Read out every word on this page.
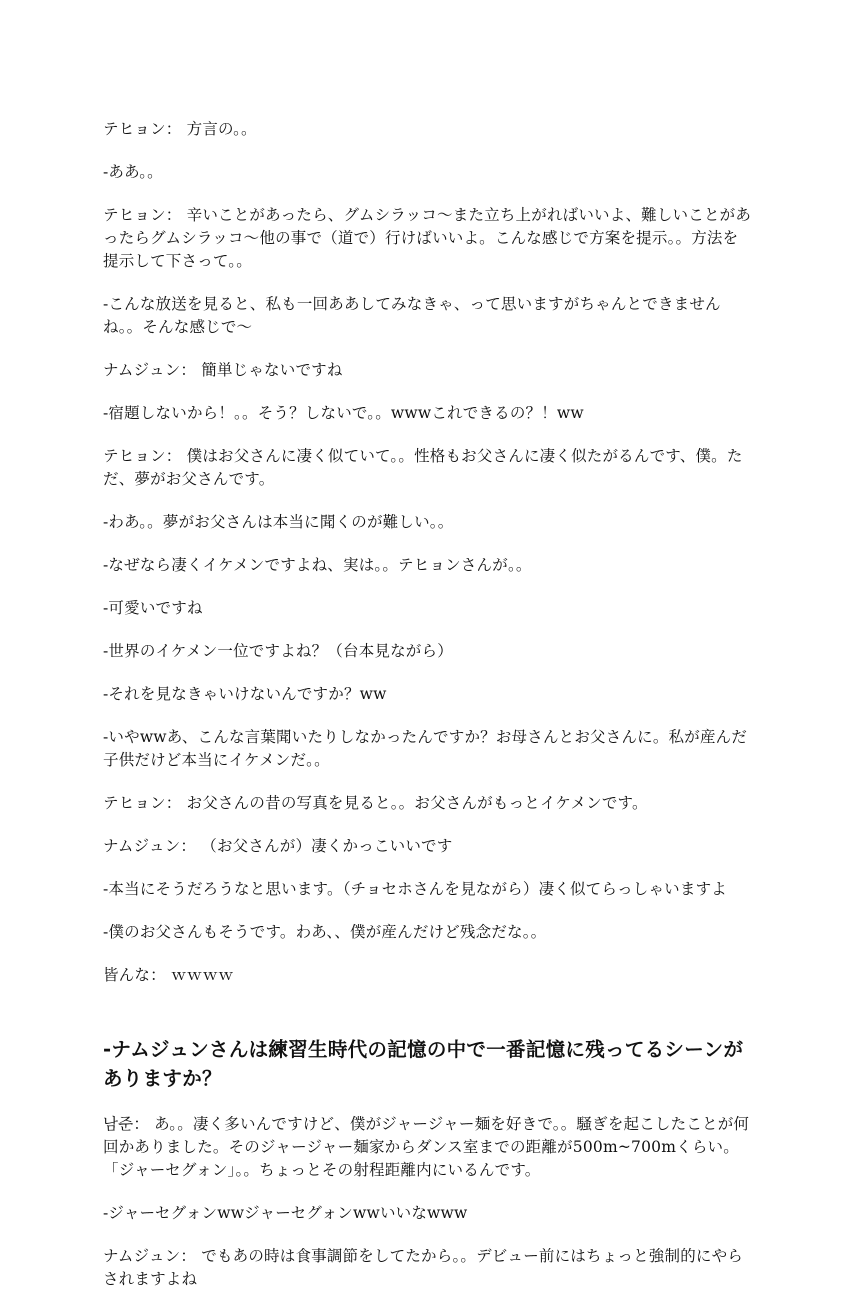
テヒョン： 方言の。。

-ああ。。

テヒョン： 辛いことがあったら、グムシラッコ～また立ち上がればいいよ、難しいことがあったらグムシラッコ～他の事で（道で）行けばいいよ。こんな感じで方案を提示。。方法を提示して下さって。。

-こんな放送を見ると、私も一回ああしてみなきゃ、って思いますがちゃんとできませんね。。そんな感じで～

ナムジュン： 簡単じゃないですね

-宿題しないから！。。そう？しないで。。wwwこれできるの？！ww

テヒョン： 僕はお父さんに凄く似ていて。。性格もお父さんに凄く似たがるんです、僕。ただ、夢がお父さんです。

-わあ。。夢がお父さんは本当に聞くのが難しい。。

-なぜなら凄くイケメンですよね、実は。。テヒョンさんが。。

-可愛いですね

-世界のイケメン一位ですよね？（台本見ながら）

-それを見なきゃいけないんですか？ww

-いやwwあ、こんな言葉聞いたりしなかったんですか？お母さんとお父さんに。私が産んだ子供だけど本当にイケメンだ。。

テヒョン： お父さんの昔の写真を見ると。。お父さんがもっとイケメンです。

ナムジュン： （お父さんが）凄くかっこいいです

-本当にそうだろうなと思います。（チョセホさんを見ながら）凄く似てらっしゃいますよ

-僕のお父さんもそうです。わあ、、僕が産んだけど残念だな。。

皆んな： ｗｗｗｗ

-ナムジュンさんは練習生時代の記憶の中で一番記憶に残ってるシーンがありますか？

남준： あ。。凄く多いんですけど、僕がジャージャー麺を好きで。。騒ぎを起こしたことが何回かありました。そのジャージャー麺家からダンス室までの距離が500m~700mくらい。「ジャーセグォン」。。ちょっとその射程距離内にいるんです。

-ジャーセグォンwwジャーセグォンwwいいなwww

ナムジュン： でもあの時は食事調節をしてたから。。デビュー前にはちょっと強制的にやらされますよね
